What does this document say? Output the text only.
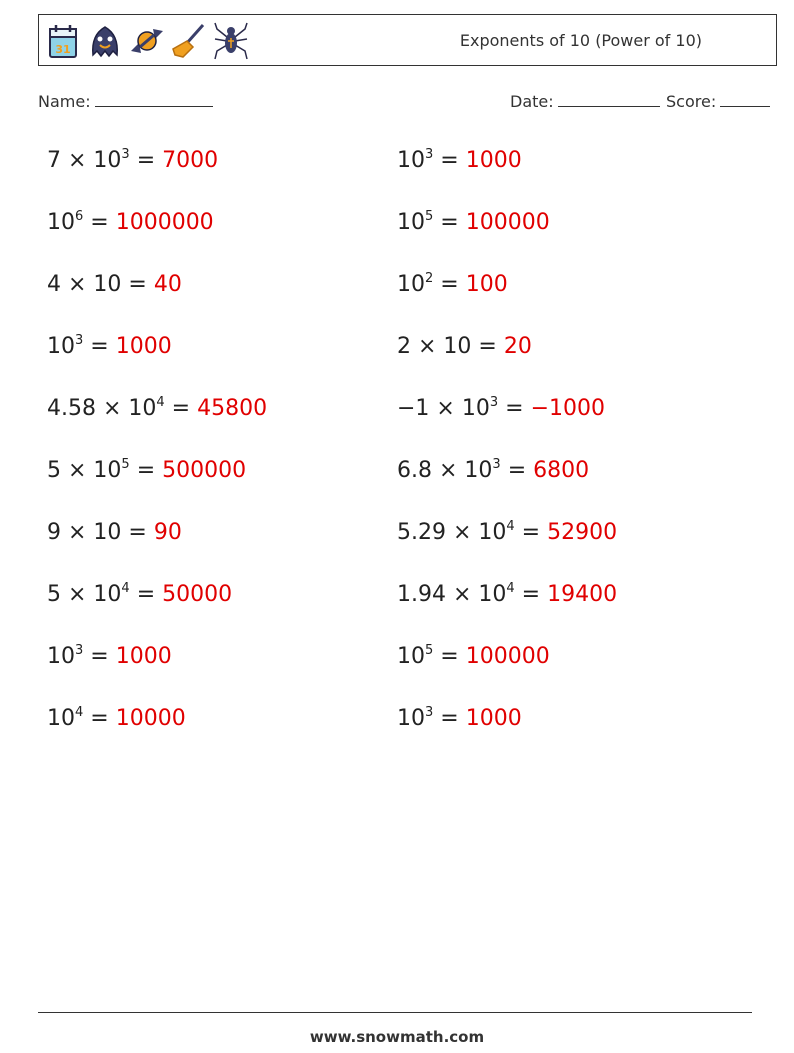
31	Exponents of 10 (Power of 10)
Name:	Date:	Score:
$7 \times 10^3 = 7000$	$10^3 = 1000$
$10^6 = 1000000$	$10^5 = 100000$
4 × 10 = 40	$10^2 = 100$
$10^3 = 1000$	2 × 10 = 20
$4.58 \times 10^4 = 45800$	$-1 \times 10^3 = -1000$
$5 \times 10^5 = 500000$	$6.8 \times 10^3 = 6800$
9 × 10 = 90	$5.29 \times 10^4 = 52900$
$5 \times 10^4 = 50000$	$1.94 \times 10^4 = 19400$
$10^3 = 1000$	$10^5 = 100000$
$10^4 = 10000$	$10^3 = 1000$
www.snowmath.com
